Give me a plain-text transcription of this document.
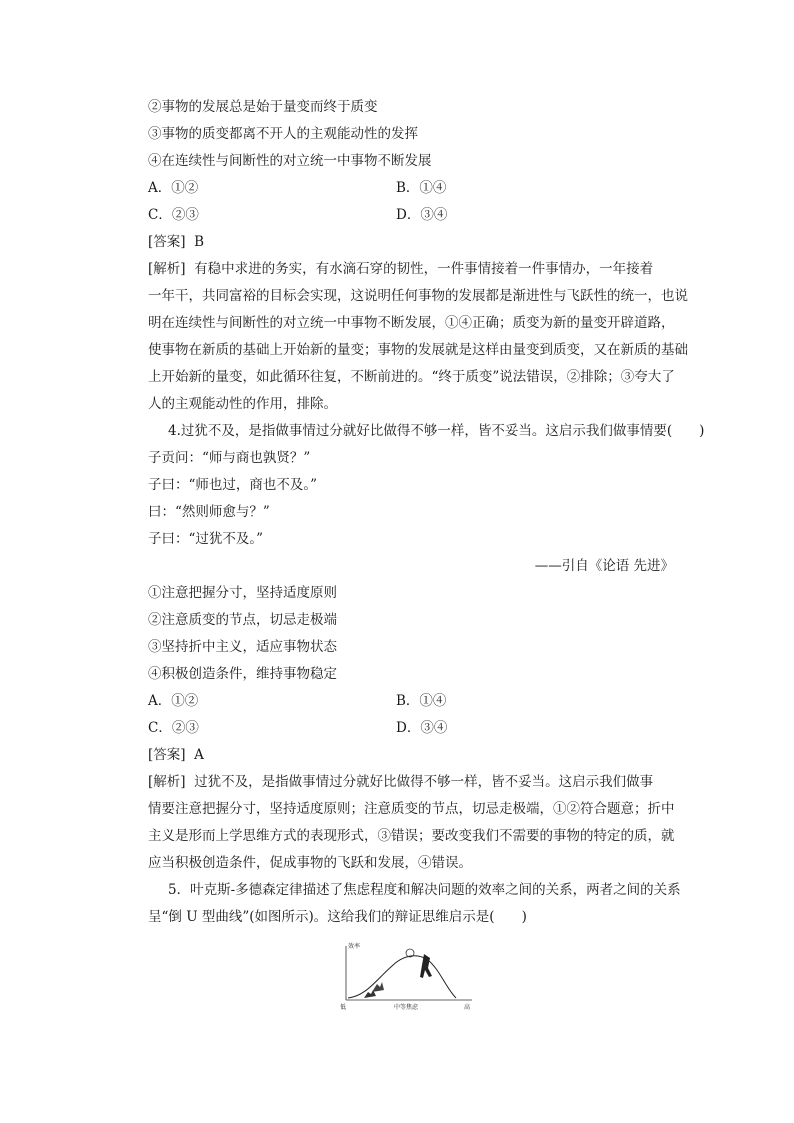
②事物的发展总是始于量变而终于质变
③事物的质变都离不开人的主观能动性的发挥
④在连续性与间断性的对立统一中事物不断发展
A．①②	B．①④
C．②③	D．③④
[答案] B
[解析] 有稳中求进的务实，有水滴石穿的韧性，一件事情接着一件事情办，一年接着
一年干，共同富裕的目标会实现，这说明任何事物的发展都是渐进性与飞跃性的统一，也说
明在连续性与间断性的对立统一中事物不断发展，①④正确；质变为新的量变开辟道路，
使事物在新质的基础上开始新的量变；事物的发展就是这样由量变到质变，又在新质的基础
上开始新的量变，如此循环往复，不断前进的。“终于质变”说法错误，②排除；③夸大了
人的主观能动性的作用，排除。
4.过犹不及，是指做事情过分就好比做得不够一样，皆不妥当。这启示我们做事情要(　　)
子贡问：“师与商也孰贤？”
子曰：“师也过，商也不及。”
曰：“然则师愈与？”
子曰：“过犹不及。”
——引自《论语 先进》
①注意把握分寸，坚持适度原则
②注意质变的节点，切忌走极端
③坚持折中主义，适应事物状态
④积极创造条件，维持事物稳定
A．①②	B．①④
C．②③	D．③④
[答案] A
[解析] 过犹不及，是指做事情过分就好比做得不够一样，皆不妥当。这启示我们做事
情要注意把握分寸，坚持适度原则；注意质变的节点，切忌走极端，①②符合题意；折中
主义是形而上学思维方式的表现形式，③错误；要改变我们不需要的事物的特定的质，就
应当积极创造条件，促成事物的飞跃和发展，④错误。
5．叶克斯-多德森定律描述了焦虑程度和解决问题的效率之间的关系，两者之间的关系
呈“倒 U 型曲线”(如图所示)。这给我们的辩证思维启示是(　　)
效率
低	中等焦虑	高
